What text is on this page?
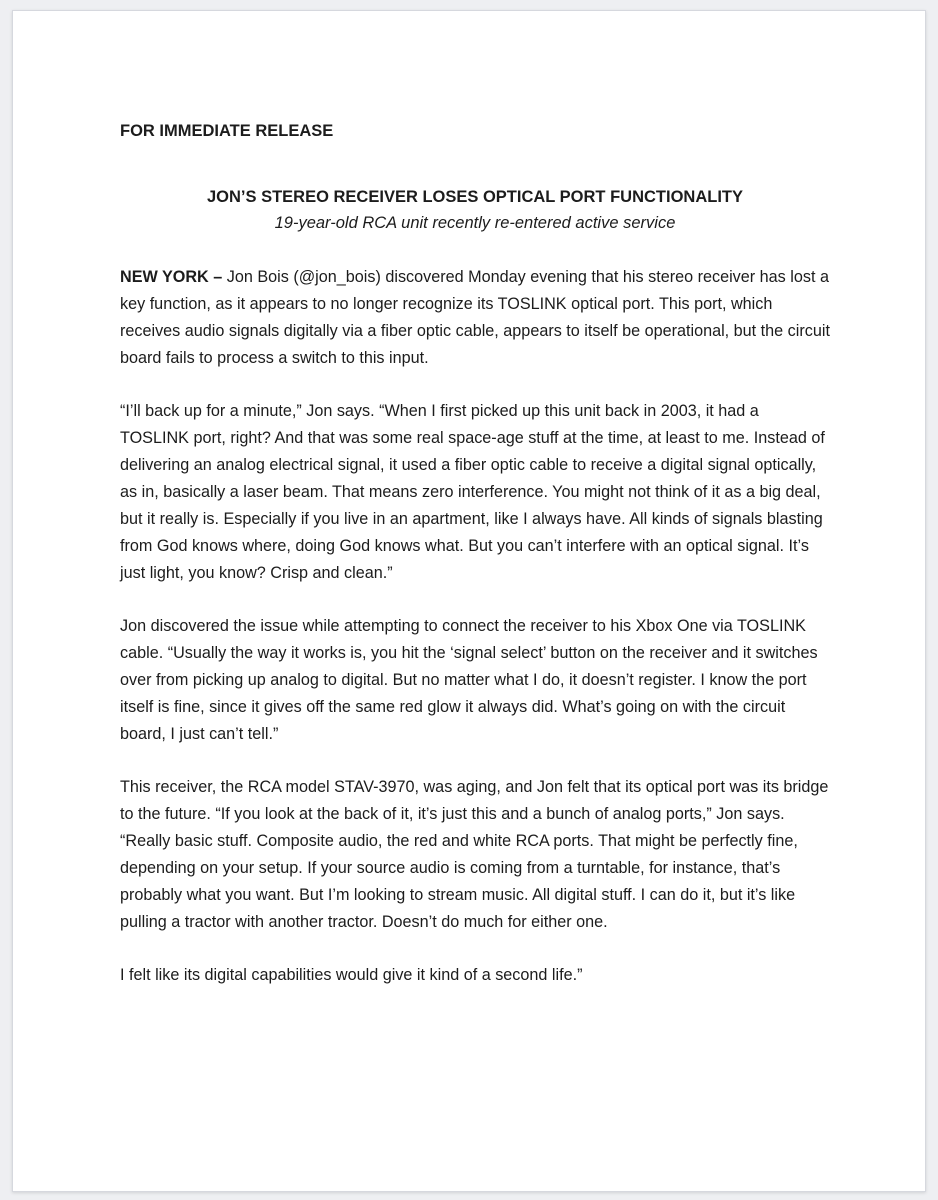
FOR IMMEDIATE RELEASE
JON’S STEREO RECEIVER LOSES OPTICAL PORT FUNCTIONALITY
19-year-old RCA unit recently re-entered active service

NEW YORK – Jon Bois (@jon_bois) discovered Monday evening that his stereo receiver has lost a key function, as it appears to no longer recognize its TOSLINK optical port. This port, which receives audio signals digitally via a fiber optic cable, appears to itself be operational, but the circuit board fails to process a switch to this input.

“I’ll back up for a minute,” Jon says. “When I first picked up this unit back in 2003, it had a TOSLINK port, right? And that was some real space-age stuff at the time, at least to me. Instead of delivering an analog electrical signal, it used a fiber optic cable to receive a digital signal optically, as in, basically a laser beam. That means zero interference. You might not think of it as a big deal, but it really is. Especially if you live in an apartment, like I always have. All kinds of signals blasting from God knows where, doing God knows what. But you can’t interfere with an optical signal. It’s just light, you know? Crisp and clean.”

Jon discovered the issue while attempting to connect the receiver to his Xbox One via TOSLINK cable. “Usually the way it works is, you hit the ‘signal select’ button on the receiver and it switches over from picking up analog to digital. But no matter what I do, it doesn’t register. I know the port itself is fine, since it gives off the same red glow it always did. What’s going on with the circuit board, I just can’t tell.”

This receiver, the RCA model STAV-3970, was aging, and Jon felt that its optical port was its bridge to the future. “If you look at the back of it, it’s just this and a bunch of analog ports,” Jon says. “Really basic stuff. Composite audio, the red and white RCA ports. That might be perfectly fine, depending on your setup. If your source audio is coming from a turntable, for instance, that’s probably what you want. But I’m looking to stream music. All digital stuff. I can do it, but it’s like pulling a tractor with another tractor. Doesn’t do much for either one.

I felt like its digital capabilities would give it kind of a second life.”
